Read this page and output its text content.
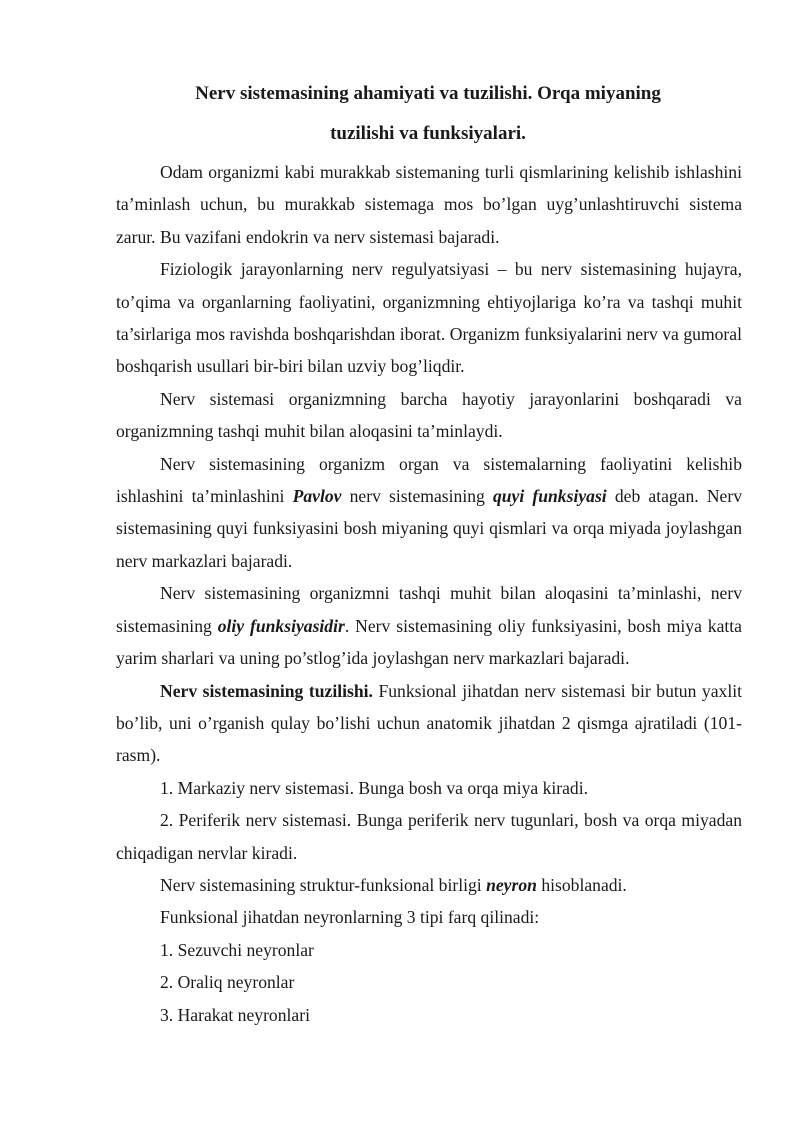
Nerv sistemasining ahamiyati va tuzilishi. Orqa miyaning
tuzilishi va funksiyalari.

Odam organizmi kabi murakkab sistemaning turli qismlarining kelishib ishlashini ta’minlash uchun, bu murakkab sistemaga mos bo’lgan uyg’unlashtiruvchi sistema zarur. Bu vazifani endokrin va nerv sistemasi bajaradi.

Fiziologik jarayonlarning nerv regulyatsiyasi – bu nerv sistemasining hujayra, to’qima va organlarning faoliyatini, organizmning ehtiyojlariga ko’ra va tashqi muhit ta’sirlariga mos ravishda boshqarishdan iborat. Organizm funksiyalarini nerv va gumoral boshqarish usullari bir-biri bilan uzviy bog’liqdir.

Nerv sistemasi organizmning barcha hayotiy jarayonlarini boshqaradi va organizmning tashqi muhit bilan aloqasini ta’minlaydi.

Nerv sistemasining organizm organ va sistemalarning faoliyatini kelishib ishlashini ta’minlashini Pavlov nerv sistemasining quyi funksiyasi deb atagan. Nerv sistemasining quyi funksiyasini bosh miyaning quyi qismlari va orqa miyada joylashgan nerv markazlari bajaradi.

Nerv sistemasining organizmni tashqi muhit bilan aloqasini ta’minlashi, nerv sistemasining oliy funksiyasidir. Nerv sistemasining oliy funksiyasini, bosh miya katta yarim sharlari va uning po’stlog’ida joylashgan nerv markazlari bajaradi.

Nerv sistemasining tuzilishi. Funksional jihatdan nerv sistemasi bir butun yaxlit bo’lib, uni o’rganish qulay bo’lishi uchun anatomik jihatdan 2 qismga ajratiladi (101-rasm).

1. Markaziy nerv sistemasi. Bunga bosh va orqa miya kiradi.

2. Periferik nerv sistemasi. Bunga periferik nerv tugunlari, bosh va orqa miyadan chiqadigan nervlar kiradi.

Nerv sistemasining struktur-funksional birligi neyron hisoblanadi.

Funksional jihatdan neyronlarning 3 tipi farq qilinadi:

1. Sezuvchi neyronlar

2. Oraliq neyronlar

3. Harakat neyronlari
